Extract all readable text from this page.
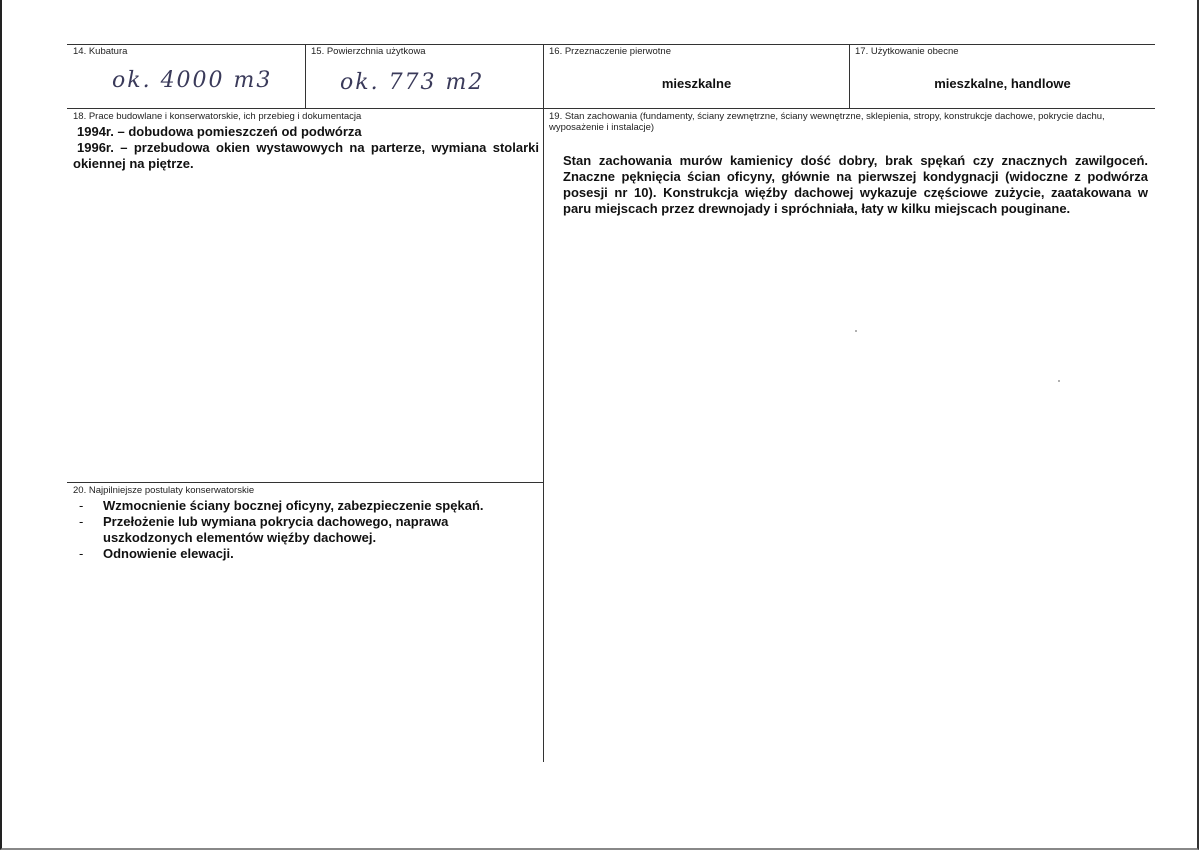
14. Kubatura
ok. 4000 m3
15. Powierzchnia użytkowa
ok. 773 m2
16. Przeznaczenie pierwotne
mieszkalne
17. Użytkowanie obecne
mieszkalne, handlowe
18. Prace budowlane i konserwatorskie, ich przebieg i dokumentacja
1994r. – dobudowa pomieszczeń od podwórza
1996r. – przebudowa okien wystawowych na parterze, wymiana stolarki okiennej na piętrze.
19. Stan zachowania (fundamenty, ściany zewnętrzne, ściany wewnętrzne, sklepienia, stropy, konstrukcje dachowe, pokrycie dachu, wyposażenie i instalacje)
Stan zachowania murów kamienicy dość dobry, brak spękań czy znacznych zawilgoceń. Znaczne pęknięcia ścian oficyny, głównie na pierwszej kondygnacji (widoczne z podwórza posesji nr 10). Konstrukcja więźby dachowej wykazuje częściowe zużycie, zaatakowana w paru miejscach przez drewnojady i spróchniała, łaty w kilku miejscach pouginane.
20. Najpilniejsze postulaty konserwatorskie
- Wzmocnienie ściany bocznej oficyny, zabezpieczenie spękań.
- Przełożenie lub wymiana pokrycia dachowego, naprawa uszkodzonych elementów więźby dachowej.
- Odnowienie elewacji.
